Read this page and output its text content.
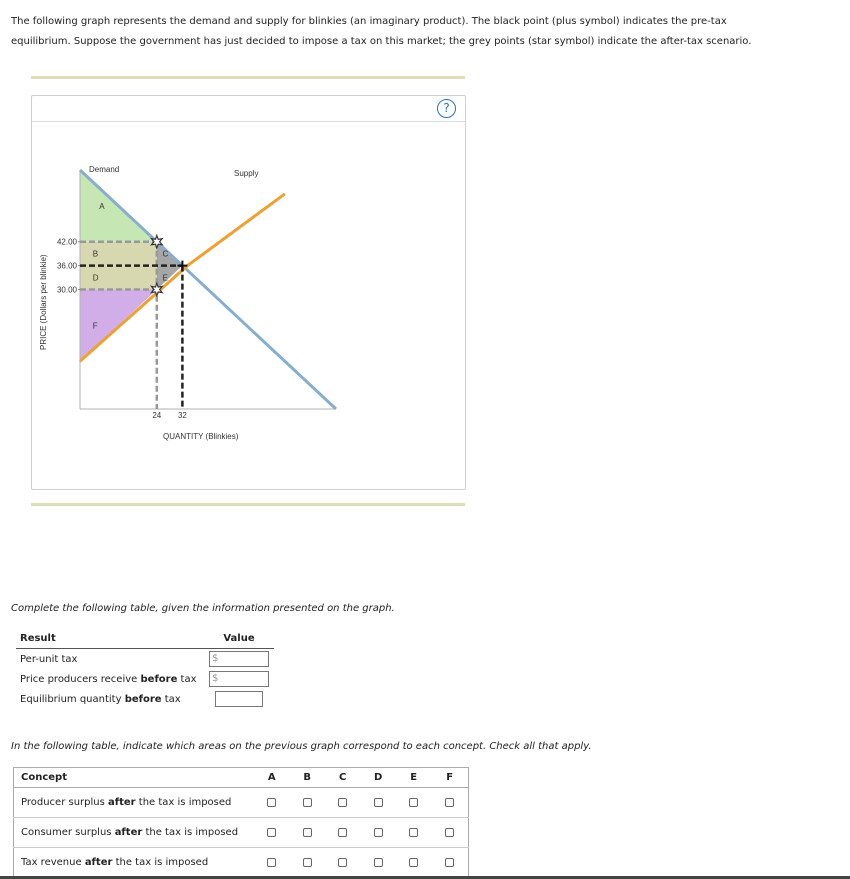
The following graph represents the demand and supply for blinkies (an imaginary product). The black point (plus symbol) indicates the pre-tax
equilibrium. Suppose the government has just decided to impose a tax on this market; the grey points (star symbol) indicate the after-tax scenario.
?
42.00
36.00
30.00
24 32
QUANTITY (Blinkies)
PRICE (Dollars per blinkie)
Demand	Supply
A
B	C
D	E
F
Complete the following table, given the information presented on the graph.
Result	Value
Per-unit tax	$

Price producers receive before tax	$

Equilibrium quantity before tax	
In the following table, indicate which areas on the previous graph correspond to each concept. Check all that apply.
Concept	A	B	C	D	E	F
Producer surplus after the tax is imposed						
Consumer surplus after the tax is imposed						
Tax revenue after the tax is imposed						
